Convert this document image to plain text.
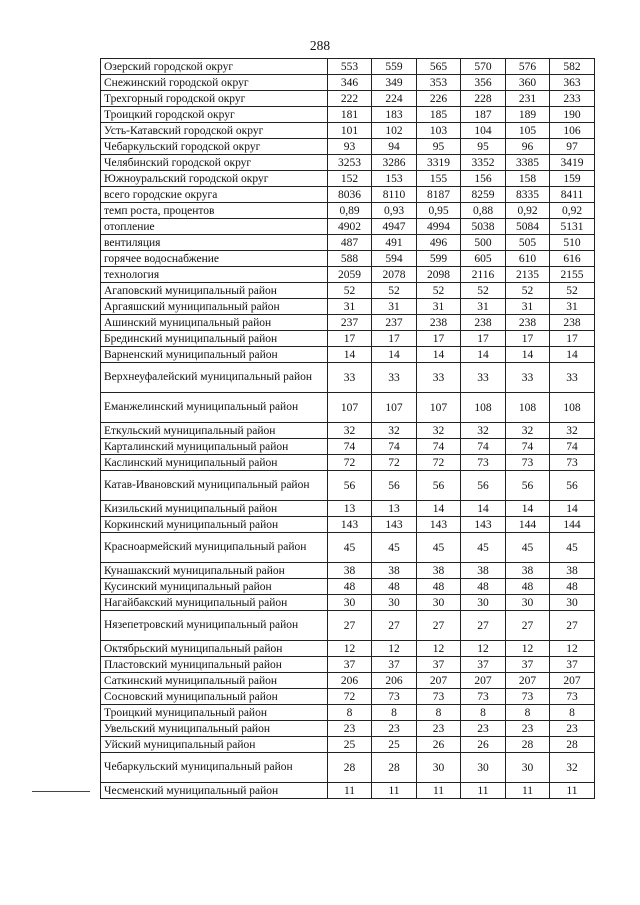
288
Озерский городской округ	553	559	565	570	576	582
Снежинский городской округ	346	349	353	356	360	363
Трехгорный городской округ	222	224	226	228	231	233
Троицкий городской округ	181	183	185	187	189	190
Усть-Катавский городской округ	101	102	103	104	105	106
Чебаркульский городской округ	93	94	95	95	96	97
Челябинский городской округ	3253	3286	3319	3352	3385	3419
Южноуральский городской округ	152	153	155	156	158	159
всего городские округа	8036	8110	8187	8259	8335	8411
темп роста, процентов	0,89	0,93	0,95	0,88	0,92	0,92
отопление	4902	4947	4994	5038	5084	5131
вентиляция	487	491	496	500	505	510
горячее водоснабжение	588	594	599	605	610	616
технология	2059	2078	2098	2116	2135	2155
Агаповский муниципальный район	52	52	52	52	52	52
Аргаяшский муниципальный район	31	31	31	31	31	31
Ашинский муниципальный район	237	237	238	238	238	238
Брединский муниципальный район	17	17	17	17	17	17
Варненский муниципальный район	14	14	14	14	14	14
Верхнеуфалейский муниципальный район	33	33	33	33	33	33
Еманжелинский муниципальный район	107	107	107	108	108	108
Еткульский муниципальный район	32	32	32	32	32	32
Карталинский муниципальный район	74	74	74	74	74	74
Каслинский муниципальный район	72	72	72	73	73	73
Катав-Ивановский муниципальный район	56	56	56	56	56	56
Кизильский муниципальный район	13	13	14	14	14	14
Коркинский муниципальный район	143	143	143	143	144	144
Красноармейский муниципальный район	45	45	45	45	45	45
Кунашакский муниципальный район	38	38	38	38	38	38
Кусинский муниципальный район	48	48	48	48	48	48
Нагайбакский муниципальный район	30	30	30	30	30	30
Нязепетровский муниципальный район	27	27	27	27	27	27
Октябрьский муниципальный район	12	12	12	12	12	12
Пластовский муниципальный район	37	37	37	37	37	37
Саткинский муниципальный район	206	206	207	207	207	207
Сосновский муниципальный район	72	73	73	73	73	73
Троицкий муниципальный район	8	8	8	8	8	8
Увельский муниципальный район	23	23	23	23	23	23
Уйский муниципальный район	25	25	26	26	28	28
Чебаркульский муниципальный район	28	28	30	30	30	32
Чесменский муниципальный район	11	11	11	11	11	11
